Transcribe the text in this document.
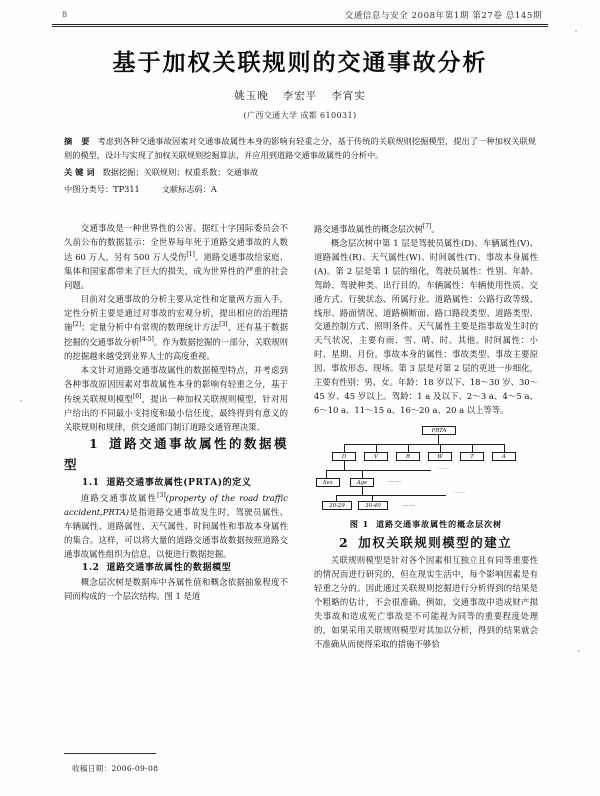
8	交通信息与安全 2008年第1期 第27卷 总145期
基于加权关联规则的交通事故分析
姚玉晚 李宏平 李宵实
(广西交通大学 成都 610031)

摘 要 考虑到各种交通事故因素对交通事故属性本身的影响有轻重之分，基于传统的关联规则挖掘模型，提出了一种加权关联规则的模型，设计与实现了加权关联规则挖掘算法，并应用到道路交通事故属性的分析中。

关键词 数据挖掘；关联规则；权重系数；交通事故

中图分类号：TP311	文献标志码：A

交通事故是一种世界性的公害。据红十字国际委员会不久前公布的数据显示：全世界每年死于道路交通事故的人数达 60 万人，另有 500 万人受伤[1]。道路交通事故给家庭、集体和国家都带来了巨大的损失，成为世界性的严重的社会问题。

目前对交通事故的分析主要从定性和定量两方面入手。定性分析主要是通过对事故的宏观分析，提出相应的治理措施[2]；定量分析中有常规的数理统计方法[3]，还有基于数据挖掘的交通事故分析[4-5]。作为数据挖掘的一部分，关联规则的挖掘越来越受到业界人士的高度重视。

本文针对道路交通事故属性的数据模型特点，并考虑到各种事故原因因素对事故属性本身的影响有轻重之分，基于传统关联规则模型[6]，提出一种加权关联规则模型，针对用户给出的不同最小支持度和最小信任度，最终得到有意义的关联规则和规律，供交通部门制订道路交通管理决策。

1 道路交通事故属性的数据模型

1.1 道路交通事故属性(PRTA)的定义

道路交通事故属性[3](property of the road traffic accident,PRTA)是指道路交通事故发生时，驾驶员属性、车辆属性、道路属性、天气属性、时间属性和事故本身属性的集合。这样，可以将大量的道路交通事故数据按照道路交通事故属性组织为信息，以便进行数据挖掘。

1.2 道路交通事故属性的数据模型

概念层次树是数据库中各属性值和概念依据抽象程度不同而构成的一个层次结构。图 1 是道

路交通事故属性的概念层次树[7]。

概念层次树中第 1 层是驾驶员属性(D)、车辆属性(V)、道路属性(R)、天气属性(W)、时间属性(T)、事故本身属性(A)。第 2 层是第 1 层的细化，驾驶员属性：性别、年龄、驾龄、驾驶种类、出行目的。车辆属性：车辆使用性质、交通方式、行驶状态、所属行业。道路属性：公路行政等级、线形、路面情况、道路横断面、路口路段类型、道路类型、交通控制方式、照明条件。天气属性主要是指事故发生时的天气状况，主要有雨、雪、晴、时、其他。时间属性：小时、星期、月份。事故本身的属性：事故类型、事故主要原因、事故形态、现场。第 3 层是对第 2 层的更进一步细化，主要有性别：男、女。年龄：18 岁以下、18～30 岁、30～45 岁、45 岁以上。驾龄：1 a 及以下、2～3 a、4～5 a、6～10 a、11～15 a、16～20 a、20 a 以上等等。

PRTA
D	V	R	W	T	A
Sex	Age	……
……
20-29	30-40	……
……
图 1 道路交通事故属性的概念层次树

2 加权关联规则模型的建立

关联规则模型是针对各个因素相互独立且有同等重要性的情况而进行研究的，但在现实生活中，每个影响因素是有轻重之分的。因此通过关联规则挖掘进行分析得到的结果是个粗略的估计，不会很准确。例如，交通事故中造成财产损失事故和造成死亡事故是不可能视为同等的重要程度处理的，如果采用关联规则模型对其加以分析，得到的结果就会不准确从而使得采取的措施不够恰

收稿日期：2006-09-08
